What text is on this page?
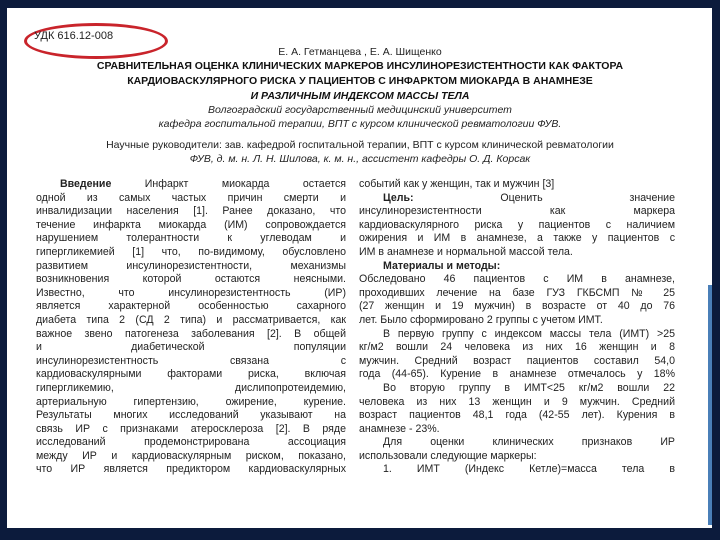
УДК 616.12-008
Е. А. Гетманцева , Е. А. Шищенко
СРАВНИТЕЛЬНАЯ ОЦЕНКА КЛИНИЧЕСКИХ МАРКЕРОВ ИНСУЛИНОРЕЗИСТЕНТНОСТИ КАК ФАКТОРА
КАРДИОВАСКУЛЯРНОГО РИСКА У ПАЦИЕНТОВ С ИНФАРКТОМ МИОКАРДА В АНАМНЕЗЕ
И РАЗЛИЧНЫМ ИНДЕКСОМ МАССЫ ТЕЛА
Волгоградский государственный медицинский университет
кафедра госпитальной терапии, ВПТ с курсом клинической ревматологии ФУВ.
Научные руководители: зав. кафедрой госпитальной терапии, ВПТ с курсом клинической ревматологии
ФУВ, д. м. н. Л. Н. Шилова, к. м. н., ассистент кафедры О. Д. Корсак
Введение Инфаркт миокарда остается
одной из самых частых причин смерти и
инвалидизации населения [1]. Ранее доказано, что
течение инфаркта миокарда (ИМ) сопровождается
нарушением толерантности к углеводам и
гипергликемией [1] что, по-видимому, обусловлено
развитием инсулинорезистентности, механизмы
возникновения которой остаются неясными.
Известно, что инсулинорезистентность (ИР)
является характерной особенностью сахарного
диабета типа 2 (СД 2 типа) и рассматривается, как
важное звено патогенеза заболевания [2]. В общей
и диабетической популяции
инсулинорезистентность связана с
кардиоваскулярными факторами риска, включая
гипергликемию, дислипопротеидемию,
артериальную гипертензию, ожирение, курение.
Результаты многих исследований указывают на
связь ИР с признаками атеросклероза [2]. В ряде
исследований продемонстрирована ассоциация
между ИР и кардиоваскулярным риском, показано,
что ИР является предиктором кардиоваскулярных
событий как у женщин, так и мужчин [3]
Цель: Оценить значение
инсулинорезистентности как маркера
кардиоваскулярного риска у пациентов с наличием
ожирения и ИМ в анамнезе, а также у пациентов с
ИМ в анамнезе и нормальной массой тела.
Материалы и методы:
Обследовано 46 пациентов с ИМ в анамнезе,
проходивших лечение на базе ГУЗ ГКБСМП № 25
(27 женщин и 19 мужчин) в возрасте от 40 до 76
лет. Было сформировано 2 группы с учетом ИМТ.
В первую группу с индексом массы тела (ИМТ) >25
кг/м2 вошли 24 человека из них 16 женщин и 8
мужчин. Средний возраст пациентов составил 54,0
года (44-65). Курение в анамнезе отмечалось у 18%
Во вторую группу в ИМТ<25 кг/м2 вошли 22
человека из них 13 женщин и 9 мужчин. Средний
возраст пациентов 48,1 года (42-55 лет). Курения в
анамнезе - 23%.
Для оценки клинических признаков ИР
использовали следующие маркеры:
1. ИМТ (Индекс Кетле)=масса тела в
